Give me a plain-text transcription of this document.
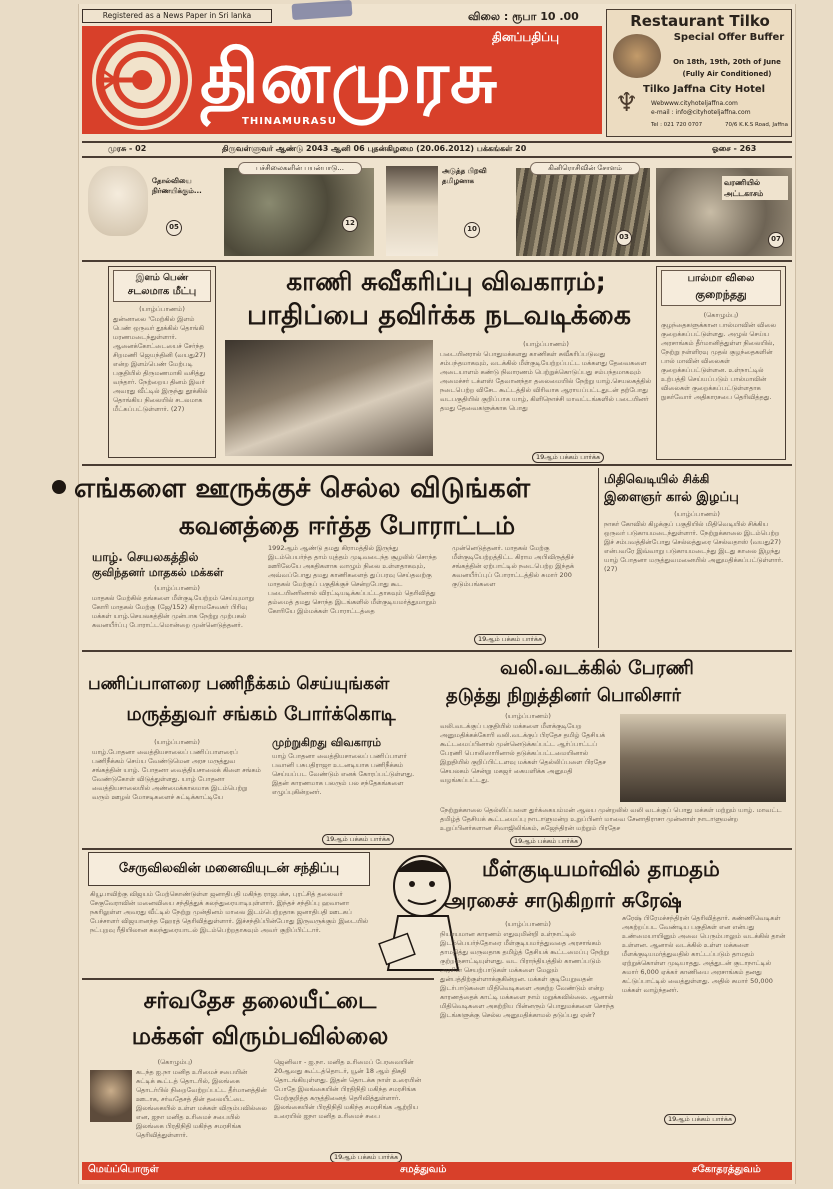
Registered as a News Paper in Sri lanka	விலை : ரூபா 10 .00
தினப்பதிப்பு
தினமுரசு
THINAMURASU
Restaurant Tilko
Special Offer Buffer
On 18th, 19th, 20th of June
(Fully Air Conditioned)
♆ Tilko Jaffna City Hotel
Webwww.cityhoteljaffna.com
e-mail : info@cityhoteljaffna.com
Tel : 021 720 0707	70/6 K.K.S Road, Jaffna
முரசு - 02	திருவள்ளுவர் ஆண்டு 2043 ஆனி 06 புதன்கிழமை (20.06.2012) பக்கங்கள் 20	ஓசை - 263
தோல்வியை நிர்ணயிக்கும்...
05
பச்சிலைகளின் பயன்பாடு...
12
அடுத்த பிறவி தமிழனாக
10
கினிரொசிவின் சோளம்
03
வரணியில் அட்டகாசம்
07
இளம் பெண்
சடலமாக மீட்பு
(யாழ்ப்பாணம்)
துன்னாலை 'மேற்கில் இளம் பெண் ஒருவர் தூக்கில் தொங்கி மரணமடைந்துள்ளார். ஆனைக்கோட்டையைச் சேர்ந்த சிறமணி ஜெயந்தினி (வயது27) என்ற இளம்பெண் மேற்படி பகுதியில் திருமணமாகி வசித்து வந்தார். நேற்றைய தினம் இவர் அவரது வீட்டில் இருந்து தூக்கில் தொங்கிய நிலையில் சடலமாக மீட்கப்பட்டுள்ளார். (27)
காணி சுவீகரிப்பு விவகாரம்;
பாதிப்பை தவிர்க்க நடவடிக்கை
(யாழ்ப்பாணம்)
படையினரால் பொதுமக்களது காணிகள் சுவீகரிப்படுவது சம்பந்தமாகவும், வடக்கில் மீள்குடியேற்றப்பட்ட மக்களது தேவைகளை அடையாளம் கண்டு நிவாரணம் பெற்றுக்கொடுப்பது சம்பந்தமாகவும் அமைச்சர் டக்ளஸ் தேவானந்தா தலைமையில் நேற்று யாழ்.செயலகத்தில் நடைபெற்ற விசேட கூட்டத்தில் விரிவாக ஆராயப்பட்டதுடன் தற்போது வடபகுதியில் குறிப்பாக யாழ், கிளிநொச்சி மாவட்டங்களில் படையினர் தமது தேவைகளுக்காக பொது
19ஆம் பக்கம் பார்க்க
பால்மா விலை
குறைந்தது
(கொழும்பு)
குழந்தைகளுக்கான பால்மாவின் விலை குறைக்கப்பட்டுள்ளது. அழுல் செய்ய அரசாங்கம் தீர்மானித்துள்ள நிலையில், நேற்று நள்ளிரவு முதல் குழந்தைகளின் பால் மாவின் விலைகள் குறைக்கப்பட்டுள்ளன. உள்நாட்டில் உற்பத்தி செய்யப்படும் பால்மாவின் விலைகள் குறைக்கப்பட்டுள்ளதாக நுகர்வோர் அதிகாரசபை தெரிவித்தது.
எங்களை ஊருக்குச் செல்ல விடுங்கள்
கவனத்தை ஈர்த்த போராட்டம்
யாழ். செயலகத்தில்
குவிந்தனர் மாதகல் மக்கள்
(யாழ்ப்பாணம்)
மாதகல் மேற்கில் தங்களை மீள்குடியேற்றம் செய்யுமாறு கோரி மாதகல் மேற்கு (ஜே/152) கிராமசேவகர் பிரிவு மக்கள் யாழ்.செயலகத்தின் முன்பாக நேற்று முற்பகல் கவனயீர்ப்பு போராட்டமொன்றை முன்னெடுத்தனர்.
1992ஆம் ஆண்டு தமது கிராமத்தில் இருந்து இடம்பெயர்ந்த தாம் யுத்தம் முடிவடைந்த சூழலில் சொந்த ஊரிலேயே அகதிகளாக வாழும் நிலை உள்ளதாகவும், அவ்வப்போது தமது காணிகளைத் துப்பரவு செய்தவற்கு மாதகல் மேற்குப் பகுதிக்குச் சென்றபோது கூட படையினரினால் விரட்டியடிக்கப்பட்டதாகவும் தெரிவித்து தம்மைத் தமது சொந்த இடங்களில் மீள்குடியமர்த்துமாறும் கோரியே இம்மக்கள் போராட்டத்தை
முன்னெடுத்தனர். மாதகல் மேற்கு மீள்குடியேற்றத்திட்ட கிராம அபிவிருத்திச் சங்கத்தின் ஏற்பாட்டில் நடைபெற்ற இந்தக் கவனயீர்ப்புப் போராட்டத்தில் சுமார் 200 குடும்பங்களை
19ஆம் பக்கம் பார்க்க
மிதிவெடியில் சிக்கி
இளைஞர் கால் இழப்பு
(யாழ்ப்பாணம்)
நாகர் கோவில் கிழக்குப் பகுதியில் மிதிவெடியில் சிக்கிய ஒருவர் படுகாயமடைந்துள்ளார். நேற்றுக்காலை இடம்பெற்ற இச் சம்பவத்தின்போது செல்லத்துரை செல்வதாஸ் (வயது27) என்பவரே இவ்வாறு படுகாயமடைந்து இடது காலை இழந்து யாழ் போதனா மருத்துவமனையில் அனுமதிக்கப்பட்டுள்ளார். (27)
பணிப்பாளரை பணிநீக்கம் செய்யுங்கள்
மருத்துவர் சங்கம் போர்க்கொடி
முற்றுகிறது விவகாரம்
(யாழ்ப்பாணம்)
யாழ்.போதனா வைத்தியசாலைப் பணிப்பாளரைப் பணிநீக்கம் செய்ய வேண்டுமென அரச மருத்துவ சங்கத்தின் யாழ். போதனா வைத்தியசாலைக் கிளை சங்கம் வேண்டுகோள் விடுத்துள்ளது. யாழ் போதனா வைத்தியசாலையில் அண்மைக்காலமாக இடம்பெற்று வரும் ஊழல் மோசடிகளைச் சுட்டிக்காட்டியே
யாழ் போதனா வைத்தியசாலைப் பணிப்பாளர் பவானி பசுபதிராஜா உடனடியாக பணிநீக்கம் செய்யப்பட வேண்டும் எனக் கோரப்பட்டுள்ளது. இதன் காரணமாக பலரும் பல சந்தேகங்களை எழுப்புகின்றனர்.
19ஆம் பக்கம் பார்க்க
வலி.வடக்கில் பேரணி
தடுத்து நிறுத்தினர் பொலிசார்
(யாழ்ப்பாணம்)
வலி.வடக்குப் பகுதியில் மக்களை மீளக்குடியேற அனுமதிக்கக்கோரி வலி.வடக்குப் பிரதேச தமிழ் தேசியக் கூட்டமைப்பினால் முன்னெடுக்கப்பட்ட ஆர்ப்பாட்டப் பேரணி பொலிஸாரினால் தடுக்கப்பட்டமையினால் இறுதியில் குறிப்பிட்டளவு மக்கள் தெல்லிப்பளை பிரதேச செயலகம் சென்று மகஜர் கையளிக்க அனுமதி வழங்கப்பட்டது.
நேற்றுக்காலை தெல்லிப்பளை துர்க்கையம்மன் ஆலய முன்றலில் வலி வடக்குப் பொது மக்கள் மற்றும் யாழ். மாவட்ட தமிழ்த் தேசியக் கூட்டமைப்பு நாடாளுமன்ற உறுப்பினர் மாவை சேனாதிராசா முன்னாள் நாடாளுமன்ற உறுப்பினர்களான சிவாஜிலிங்கம், கஜேந்திரன் மற்றும் பிரதேச
19ஆம் பக்கம் பார்க்க
சேருவிலவின் மனைவியுடன் சந்திப்பு
கியூபாவிற்கு விஜயம் மேற்கொண்டுள்ள ஜனாதிபதி மகிந்த ராஜபக்ச, புரட்சித் தலைவர் சேகுவேராவின் மனைவியை சந்தித்துக் கலந்துரையாடியுள்ளார். இந்தச் சந்திப்பு ஹவானா நகரிலுள்ள அவரது வீட்டில் நேற்று முன்தினம் மாலை இடம்பெற்றதாக ஜனாதிபதி ஊடகப் பேச்சாளர் விஜயானந்த ஹேரத் தெரிவித்துள்ளார். இச்சந்திப்பின்போது இருவருக்கும் இடையில் நட்புறவு ரீதியிலான கலந்துரையாடல் இடம்பெற்றதாகவும் அவர் குறிப்பிட்டார்.
மீள்குடியமர்வில் தாமதம்
அரசைச் சாடுகிறார் சுரேஷ்
(யாழ்ப்பாணம்)
நியாயமான காரணம் எதுவுமின்றி உள்நாட்டில் இடம்பெயர்ந்தோரை மீள்குடியமர்த்துவதை அரசாங்கம் தாமதித்து வருவதாக தமிழ்த் தேசியக் கூட்டமைப்பு நேற்று குற்றஞ்சாட்டியுள்ளது. வட பிராந்தியத்தில் காணப்படும் அரசின் செயற்பாடுகள் மக்களை மேலும் துன்பத்திற்குள்ளாக்குகின்றன. மக்கள் குடியேறுவதன் இடர்பாடுகளை மிதிவெடிகளை அகற்ற வேண்டும் என்ற காரணத்தைக் காட்டி மக்களை நாம் மறுக்கவில்லை. ஆனால் மிதிவெடிகளை அகற்றிய பின்னரும் பொதுமக்களை சொந்த இடங்களுக்கு செல்ல அனுமதிக்காமல் தடுப்பது ஏன்?
சுரேஷ் பிரேமச்சந்திரன் தெரிவித்தார். கண்ணிவெடிகள் அகற்றப்பட வேண்டிய பகுதிகள் என என்பது உண்மையாயினும் அவை பெரும்பாலும் வடக்கில் தான் உள்ளன. ஆனால் வடக்கில் உள்ள மக்களை மீளக்குடியமர்த்துவதில் காட்டப்படும் தாமதம் ஏற்றுக்கொள்ள முடியாதது. அத்துடன் குடாநாட்டில் சுமார் 6,000 ஏக்கர் காணியை அரசாங்கம் தனது கட்டுப்பாட்டில் வைத்துள்ளது. அதில் சுமார் 50,000 மக்கள் வாழ்ந்தனர்.
19ஆம் பக்கம் பார்க்க
சர்வதேச தலையீட்டை
மக்கள் விரும்பவில்லை
(கொழும்பு)
கடந்த ஐ.நா மனித உரிமைச் சபையின் சுட்டிக் கூட்டத் தொடரில், இலங்கை தொடர்பில் நிறைவேற்றப்பட்ட தீர்மானத்தின் ஊடாக, சர்வதேசத் தின் தலையீட்டை இலங்கையில் உள்ள மக்கள் விரும்பவில்லை என, ஐநா மனித உரிமைச் சபையில் இலங்கை பிரதிநிதி மகிந்த சமரசிங்க தெரிவித்துள்ளார்.
ஜெனிவா - ஐ.நா. மனித உரிமைப் பேரவையின் 20ஆவது கூட்டத்தொடர், யூன் 18 ஆம் திகதி தொடங்கியுள்ளது. இதன் தொடக்க நாள் உரையின் போதே இலங்கையின் பிரதிநிதி மகிந்த சமரசிங்க மேற்குறித்த கருத்தினைத் தெரிவித்துள்ளார். இலங்கையின் பிரதிநிதி மகிந்த சமரசிங்க ஆற்றிய உரையில் ஐநா மனித உரிமைச் சபை
19ஆம் பக்கம் பார்க்க
மெய்ப்பொருள்	சமத்துவம்	சகோதரத்துவம்
